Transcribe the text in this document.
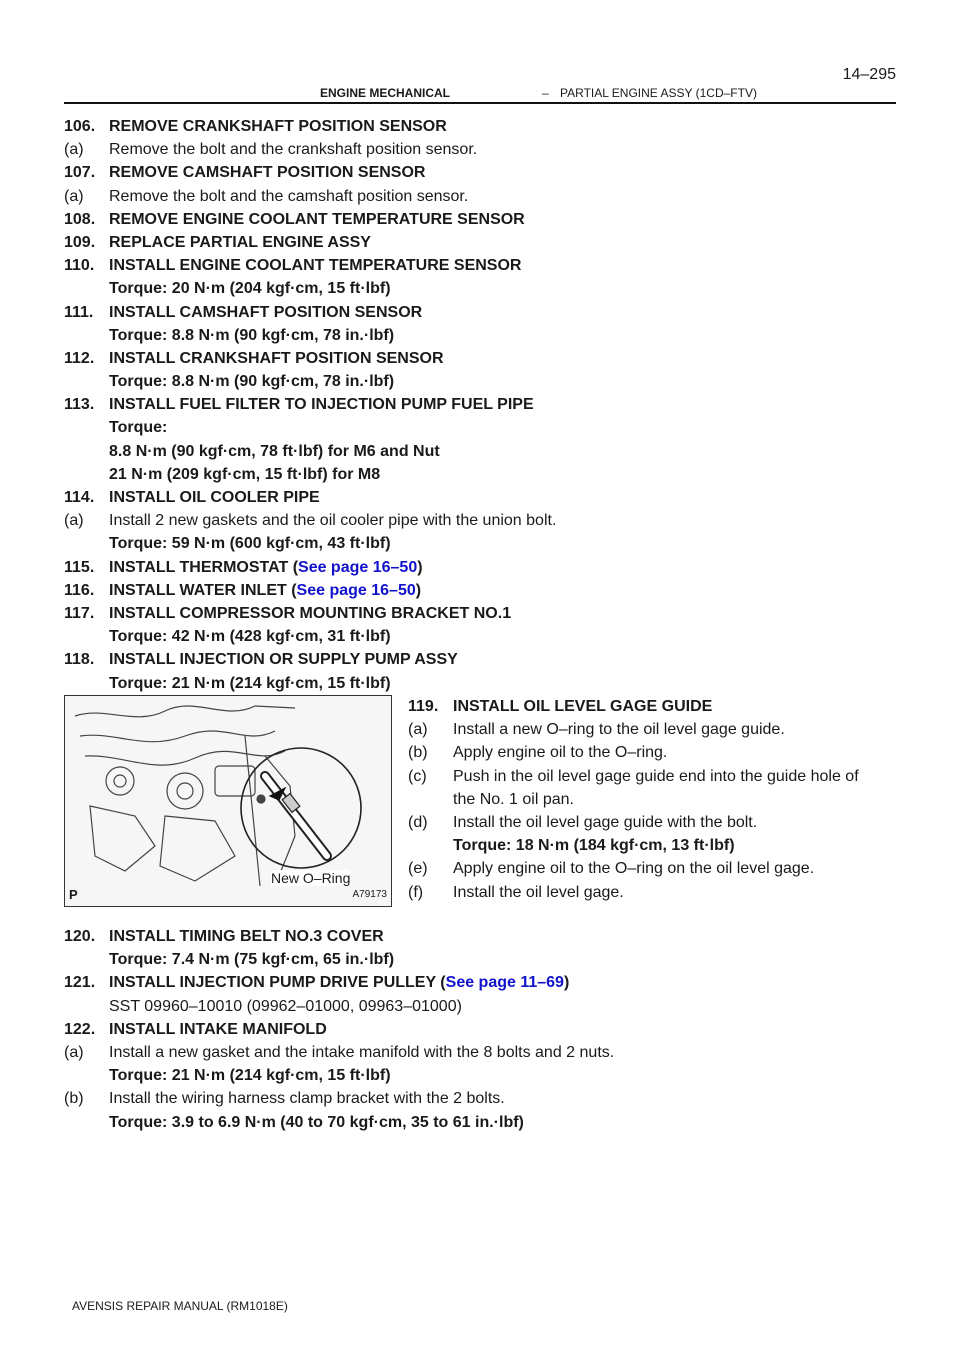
ENGINE MECHANICAL	– PARTIAL ENGINE ASSY (1CD–FTV)
14–295
106. REMOVE CRANKSHAFT POSITION SENSOR
(a) Remove the bolt and the crankshaft position sensor.
107. REMOVE CAMSHAFT POSITION SENSOR
(a) Remove the bolt and the camshaft position sensor.
108. REMOVE ENGINE COOLANT TEMPERATURE SENSOR
109. REPLACE PARTIAL ENGINE ASSY
110. INSTALL ENGINE COOLANT TEMPERATURE SENSOR
Torque: 20 N·m (204 kgf·cm, 15 ft·lbf)
111. INSTALL CAMSHAFT POSITION SENSOR
Torque: 8.8 N·m (90 kgf·cm, 78 in.·lbf)
112. INSTALL CRANKSHAFT POSITION SENSOR
Torque: 8.8 N·m (90 kgf·cm, 78 in.·lbf)
113. INSTALL FUEL FILTER TO INJECTION PUMP FUEL PIPE
Torque:
8.8 N·m (90 kgf·cm, 78 ft·lbf) for M6 and Nut
21 N·m (209 kgf·cm, 15 ft·lbf) for M8
114. INSTALL OIL COOLER PIPE
(a) Install 2 new gaskets and the oil cooler pipe with the union bolt.
Torque: 59 N·m (600 kgf·cm, 43 ft·lbf)
115. INSTALL THERMOSTAT (See page 16–50)
116. INSTALL WATER INLET (See page 16–50)
117. INSTALL COMPRESSOR MOUNTING BRACKET NO.1
Torque: 42 N·m (428 kgf·cm, 31 ft·lbf)
118. INSTALL INJECTION OR SUPPLY PUMP ASSY
Torque: 21 N·m (214 kgf·cm, 15 ft·lbf)
New O–Ring
P	A79173
119. INSTALL OIL LEVEL GAGE GUIDE
(a) Install a new O–ring to the oil level gage guide.
(b) Apply engine oil to the O–ring.
(c) Push in the oil level gage guide end into the guide hole of
the No. 1 oil pan.
(d) Install the oil level gage guide with the bolt.
Torque: 18 N·m (184 kgf·cm, 13 ft·lbf)
(e) Apply engine oil to the O–ring on the oil level gage.
(f) Install the oil level gage.
120. INSTALL TIMING BELT NO.3 COVER
Torque: 7.4 N·m (75 kgf·cm, 65 in.·lbf)
121. INSTALL INJECTION PUMP DRIVE PULLEY (See page 11–69)
SST 09960–10010 (09962–01000, 09963–01000)
122. INSTALL INTAKE MANIFOLD
(a) Install a new gasket and the intake manifold with the 8 bolts and 2 nuts.
Torque: 21 N·m (214 kgf·cm, 15 ft·lbf)
(b) Install the wiring harness clamp bracket with the 2 bolts.
Torque: 3.9 to 6.9 N·m (40 to 70 kgf·cm, 35 to 61 in.·lbf)
AVENSIS REPAIR MANUAL (RM1018E)
